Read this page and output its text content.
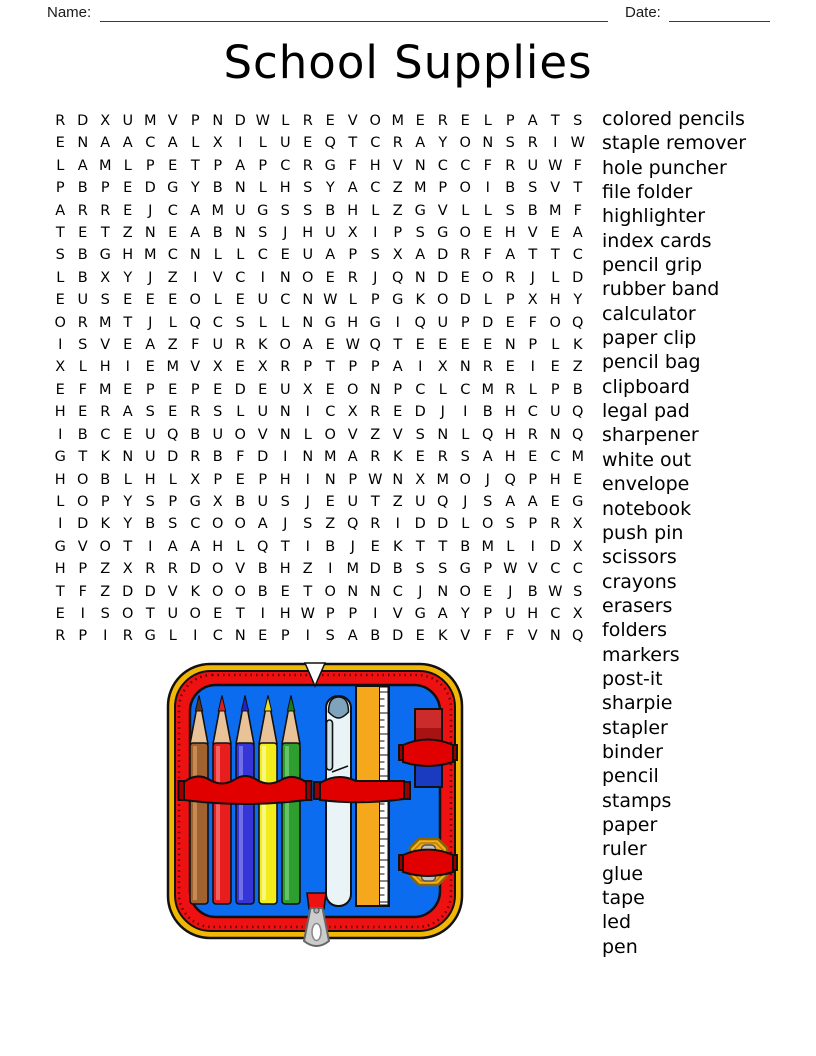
Name:	Date:
School Supplies
R D X U M V P N D W L R E V O M E R E L P A T S
E N A A C A L X	I	L U E Q T C R A Y O N S R	I W
L A M L P E T P A P C R G F H V N C C F R U W F
P B P E D G Y B N L H S Y A C Z M P O	I	B S V T
A R R E	J	C A M U G S S B H L Z G V L L S B M F
T E T Z N E A B N S	J	H U X	I	P S G O E H V E A
S B G H M C N L L C E U A P S X A D R F A T T C
L B X Y	J	Z	I	V C	I	N O E R	J	Q N D E O R	J	L D
E U S E E E O L E U C N W L P G K O D L P X H Y
O R M T	J	L Q C S L L N G H G	I	Q U P D E F O Q
I	S V E A Z F U R K O A E W Q T E E E E N P L K
X L H	I	E M V X E X R P T P P A	I	X N R E	I	E Z
E F M E P E P E D E U X E O N P C L C M R L P B
H E R A S E R S L U N	I	C X R E D	J	I	B H C U Q
I	B C E U Q B U O V N L O V Z V S N L Q H R N Q
G T K N U D R B F D	I	N M A R K E R S A H E C M
H O B L H L X P E P H	I	N P W N X M O	J	Q P H E
L O P Y S P G X B U S	J	E U T Z U Q	J	S A A E G
I	D K Y B S C O O A	J	S Z Q R	I	D D L O S P R X
G V O T	I	A A H L Q T	I	B	J	E K T T B M L	I	D X
H P Z X R R D O V B H Z	I M D B S S G P W V C C
T F Z D D V K O O B E T O N N C	J	N O E	J	B W S
E	I	S O T U O E T	I	H W P P	I	V G A Y P U H C X
R P	I	R G L	I	C N E P	I	S A B D E K V F F V N Q
colored pencils
staple remover
hole puncher
file folder
highlighter
index cards
pencil grip
rubber band
calculator
paper clip
pencil bag
clipboard
legal pad
sharpener
white out
envelope
notebook
push pin
scissors
crayons
erasers
folders
markers
post-it
sharpie
stapler
binder
pencil
stamps
paper
ruler
glue
tape
led
pen
